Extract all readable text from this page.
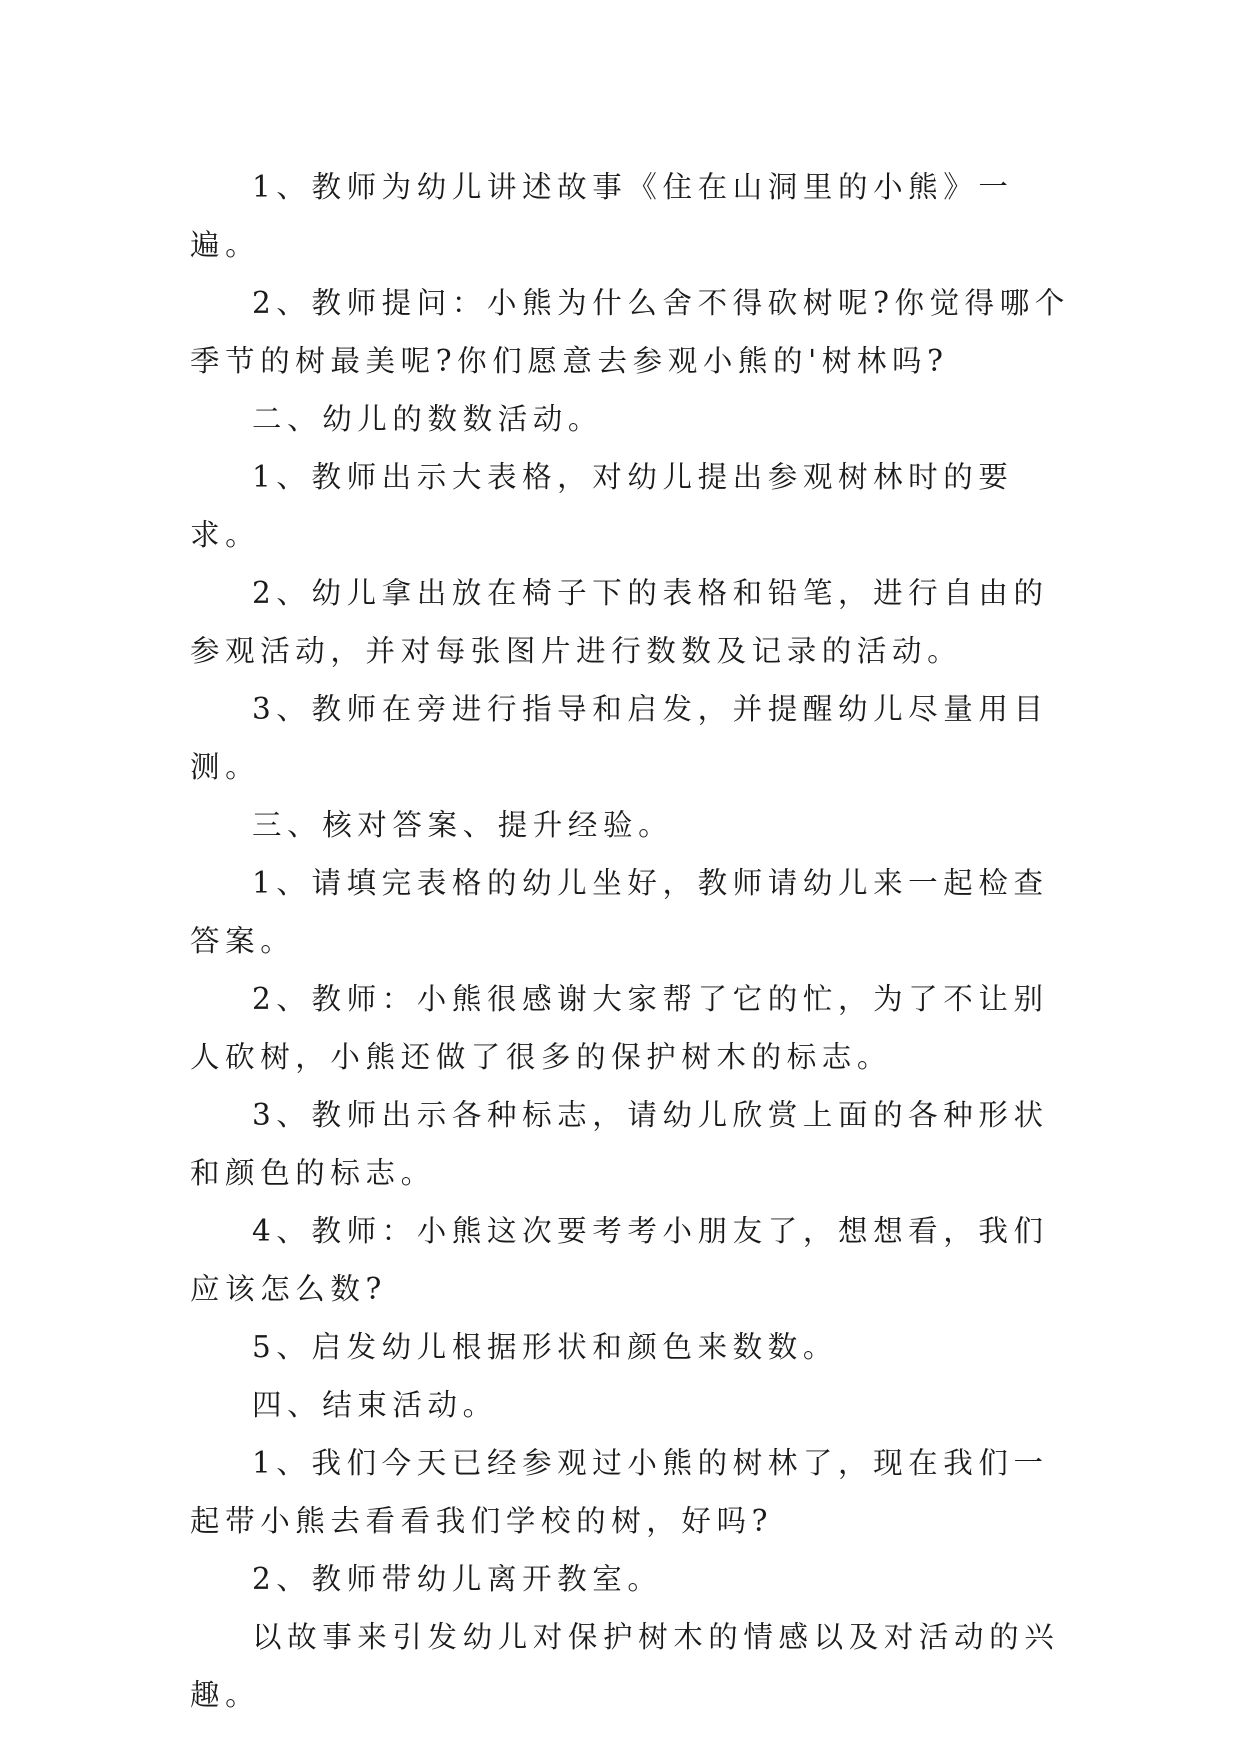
1、教师为幼儿讲述故事《住在山洞里的小熊》一遍。

2、教师提问：小熊为什么舍不得砍树呢?你觉得哪个季节的树最美呢?你们愿意去参观小熊的'树林吗?

二、幼儿的数数活动。

1、教师出示大表格，对幼儿提出参观树林时的要求。

2、幼儿拿出放在椅子下的表格和铅笔，进行自由的参观活动，并对每张图片进行数数及记录的活动。

3、教师在旁进行指导和启发，并提醒幼儿尽量用目测。

三、核对答案、提升经验。

1、请填完表格的幼儿坐好，教师请幼儿来一起检查答案。

2、教师：小熊很感谢大家帮了它的忙，为了不让别人砍树，小熊还做了很多的保护树木的标志。

3、教师出示各种标志，请幼儿欣赏上面的各种形状和颜色的标志。

4、教师：小熊这次要考考小朋友了，想想看，我们应该怎么数?

5、启发幼儿根据形状和颜色来数数。

四、结束活动。

1、我们今天已经参观过小熊的树林了，现在我们一起带小熊去看看我们学校的树，好吗?

2、教师带幼儿离开教室。

以故事来引发幼儿对保护树木的情感以及对活动的兴趣。
